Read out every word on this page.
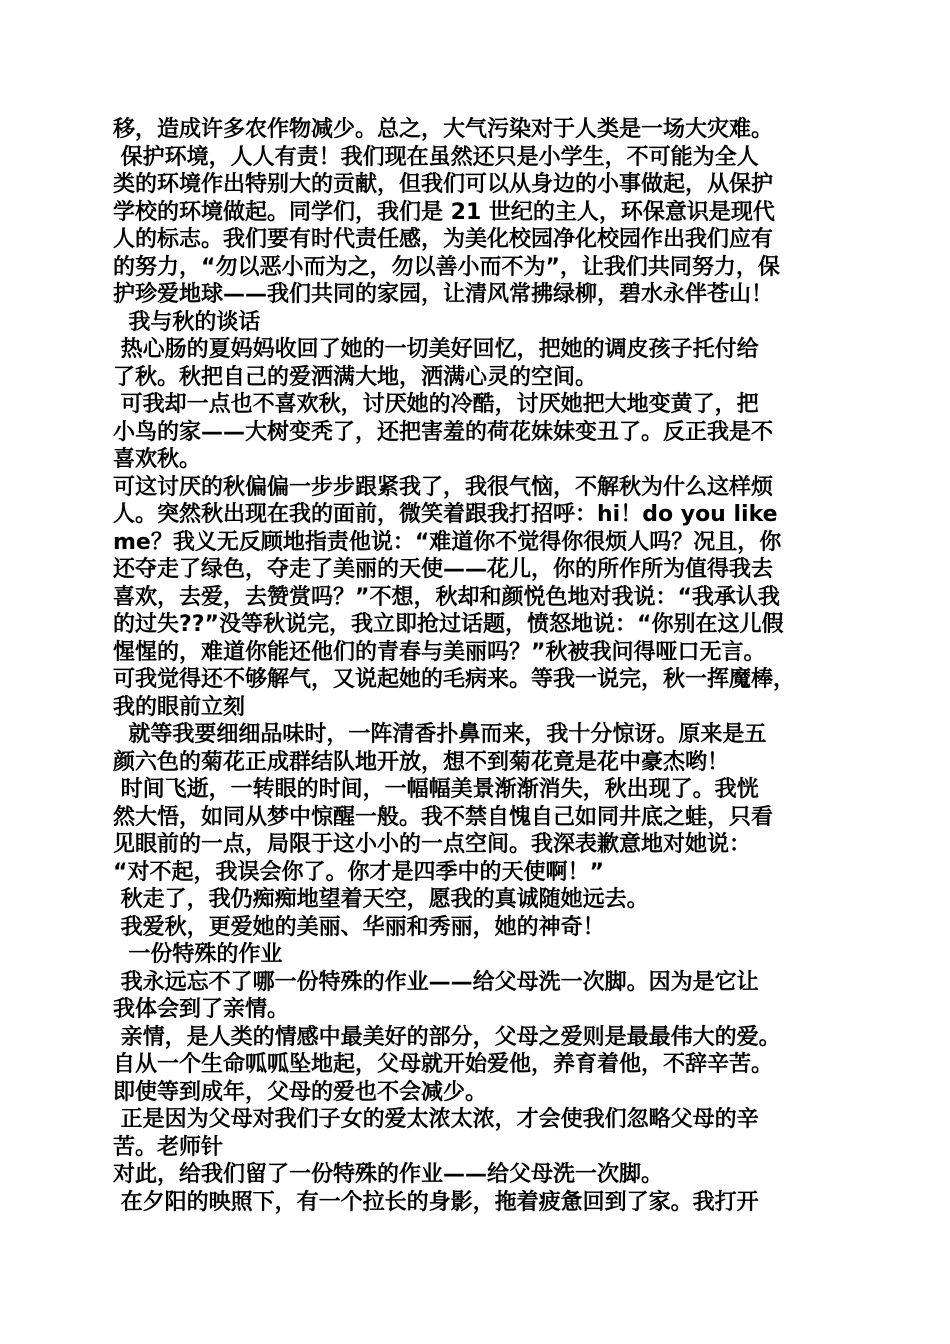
移，造成许多农作物减少。总之，大气污染对于人类是一场大灾难。
保护环境，人人有责！我们现在虽然还只是小学生，不可能为全人
类的环境作出特别大的贡献，但我们可以从身边的小事做起，从保护
学校的环境做起。同学们，我们是 21 世纪的主人，环保意识是现代
人的标志。我们要有时代责任感，为美化校园净化校园作出我们应有
的努力，“勿以恶小而为之，勿以善小而不为”，让我们共同努力，保
护珍爱地球——我们共同的家园，让清风常拂绿柳，碧水永伴苍山！
我与秋的谈话
热心肠的夏妈妈收回了她的一切美好回忆，把她的调皮孩子托付给
了秋。秋把自己的爱洒满大地，洒满心灵的空间。
可我却一点也不喜欢秋，讨厌她的冷酷，讨厌她把大地变黄了，把
小鸟的家——大树变秃了，还把害羞的荷花妹妹变丑了。反正我是不
喜欢秋。
可这讨厌的秋偏偏一步步跟紧我了，我很气恼，不解秋为什么这样烦
人。突然秋出现在我的面前，微笑着跟我打招呼：hi！do you like
me？我义无反顾地指责他说：“难道你不觉得你很烦人吗？况且，你
还夺走了绿色，夺走了美丽的天使——花儿，你的所作所为值得我去
喜欢，去爱，去赞赏吗？”不想，秋却和颜悦色地对我说：“我承认我
的过失??”没等秋说完，我立即抢过话题，愤怒地说：“你别在这儿假
惺惺的，难道你能还他们的青春与美丽吗？”秋被我问得哑口无言。
可我觉得还不够解气，又说起她的毛病来。等我一说完，秋一挥魔棒，
我的眼前立刻
就等我要细细品味时，一阵清香扑鼻而来，我十分惊讶。原来是五
颜六色的菊花正成群结队地开放，想不到菊花竟是花中豪杰哟！
时间飞逝，一转眼的时间，一幅幅美景渐渐消失，秋出现了。我恍
然大悟，如同从梦中惊醒一般。我不禁自愧自己如同井底之蛙，只看
见眼前的一点，局限于这小小的一点空间。我深表歉意地对她说：
“对不起，我误会你了。你才是四季中的天使啊！”
秋走了，我仍痴痴地望着天空，愿我的真诚随她远去。
我爱秋，更爱她的美丽、华丽和秀丽，她的神奇！
一份特殊的作业
我永远忘不了哪一份特殊的作业——给父母洗一次脚。因为是它让
我体会到了亲情。
亲情，是人类的情感中最美好的部分，父母之爱则是最最伟大的爱。
自从一个生命呱呱坠地起，父母就开始爱他，养育着他，不辞辛苦。
即使等到成年，父母的爱也不会减少。
正是因为父母对我们子女的爱太浓太浓，才会使我们忽略父母的辛
苦。老师针
对此，给我们留了一份特殊的作业——给父母洗一次脚。
在夕阳的映照下，有一个拉长的身影，拖着疲惫回到了家。我打开
